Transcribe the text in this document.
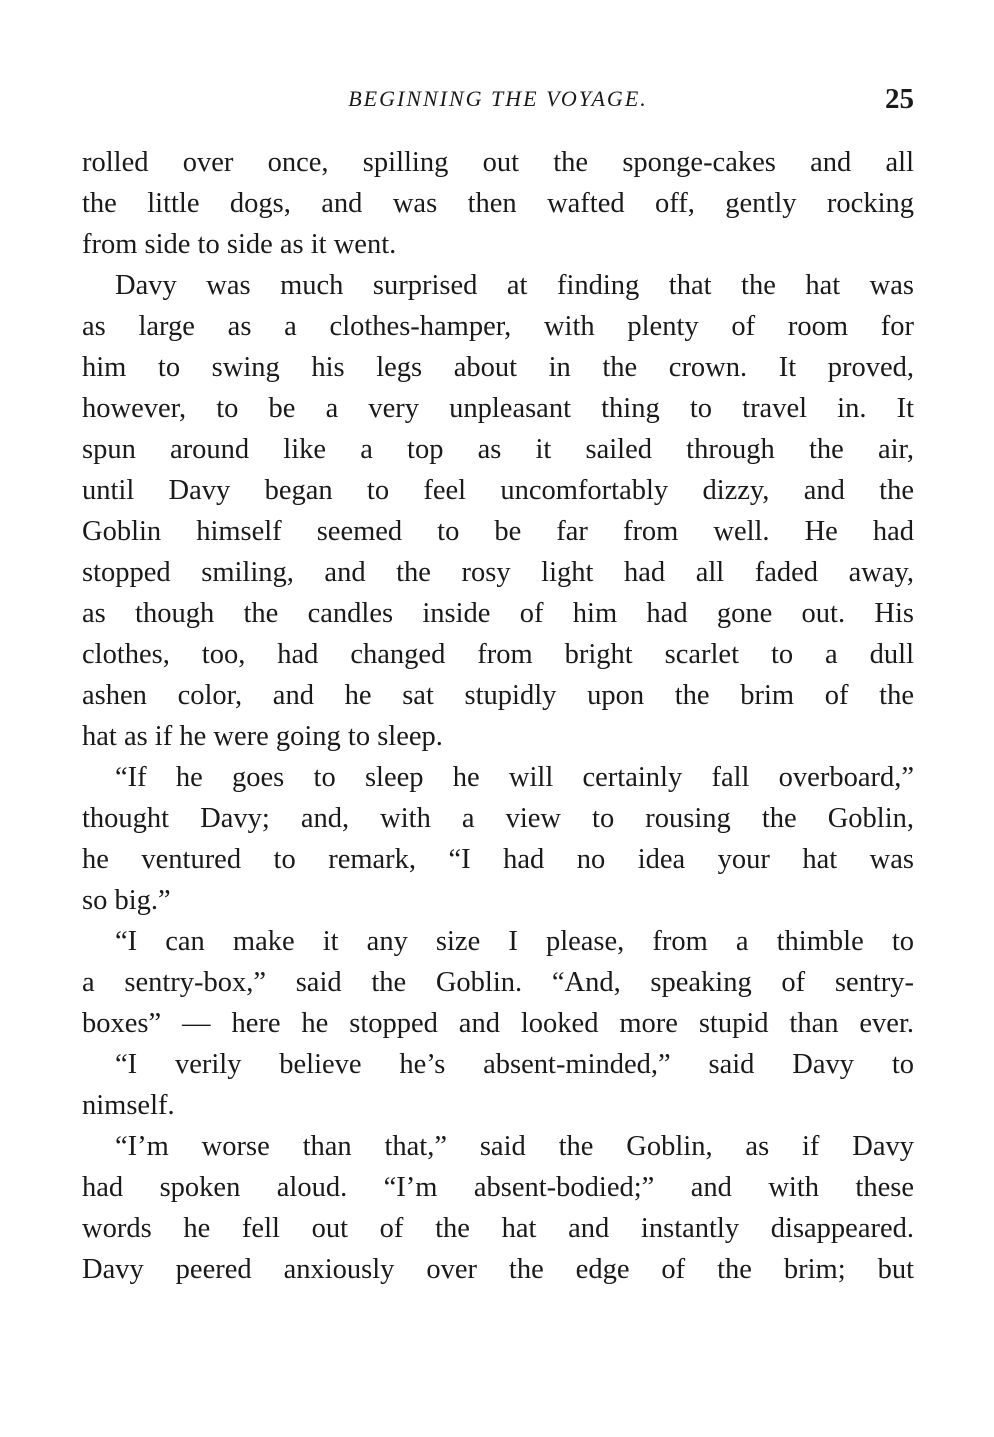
BEGINNING THE VOYAGE.	25
rolled over once, spilling out the sponge-cakes and all
the little dogs, and was then wafted off, gently rocking
from side to side as it went.
Davy was much surprised at finding that the hat was
as large as a clothes-hamper, with plenty of room for
him to swing his legs about in the crown. It proved,
however, to be a very unpleasant thing to travel in. It
spun around like a top as it sailed through the air,
until Davy began to feel uncomfortably dizzy, and the
Goblin himself seemed to be far from well. He had
stopped smiling, and the rosy light had all faded away,
as though the candles inside of him had gone out. His
clothes, too, had changed from bright scarlet to a dull
ashen color, and he sat stupidly upon the brim of the
hat as if he were going to sleep.
“If he goes to sleep he will certainly fall overboard,”
thought Davy; and, with a view to rousing the Goblin,
he ventured to remark, “I had no idea your hat was
so big.”
“I can make it any size I please, from a thimble to
a sentry-box,” said the Goblin. “And, speaking of sentry-
boxes” — here he stopped and looked more stupid than ever.
“I verily believe he’s absent-minded,” said Davy to
nimself.
“I’m worse than that,” said the Goblin, as if Davy
had spoken aloud. “I’m absent-bodied;” and with these
words he fell out of the hat and instantly disappeared.
Davy peered anxiously over the edge of the brim; but
